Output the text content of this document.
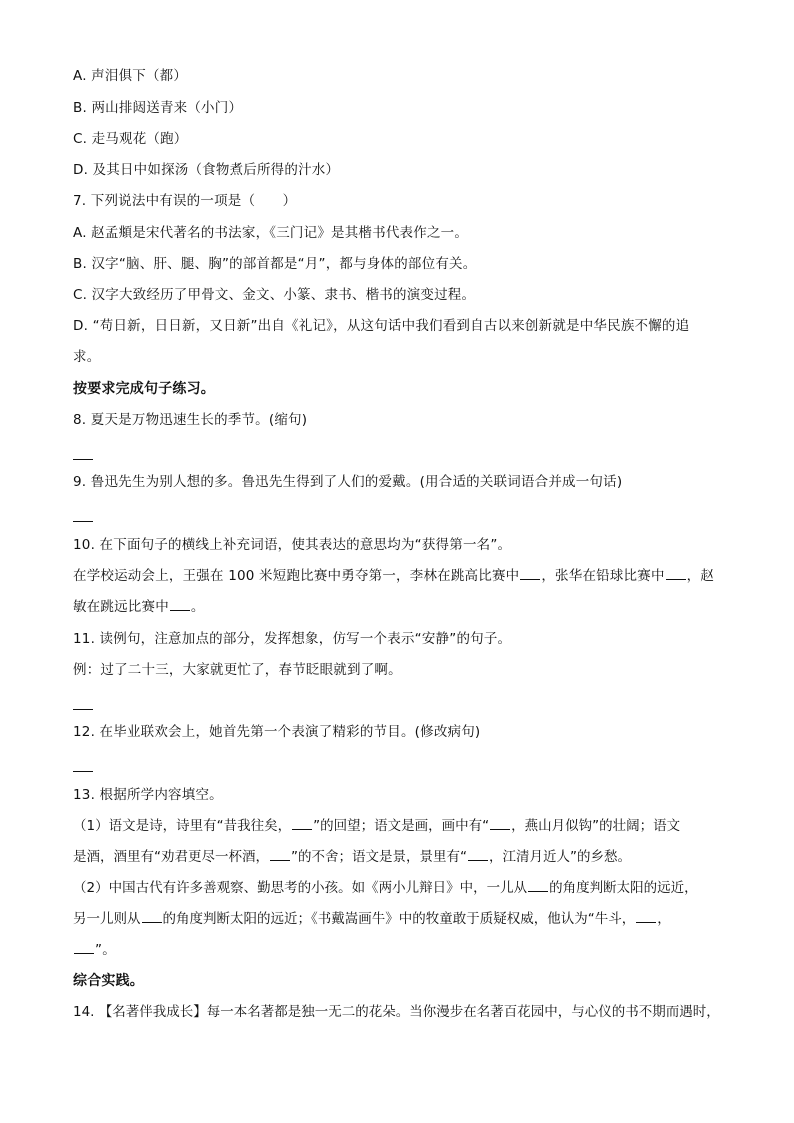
A. 声泪俱下（都）
B. 两山排闼送青来（小门）
C. 走马观花（跑）
D. 及其日中如探汤（食物煮后所得的汁水）
7. 下列说法中有误的一项是（　　）
A. 赵孟頫是宋代著名的书法家，《三门记》是其楷书代表作之一。
B. 汉字“脑、肝、腿、胸”的部首都是“月”，都与身体的部位有关。
C. 汉字大致经历了甲骨文、金文、小篆、隶书、楷书的演变过程。
D. “苟日新，日日新，又日新”出自《礼记》，从这句话中我们看到自古以来创新就是中华民族不懈的追
求。
按要求完成句子练习。
8. 夏天是万物迅速生长的季节。(缩句)
9. 鲁迅先生为别人想的多。鲁迅先生得到了人们的爱戴。(用合适的关联词语合并成一句话)
10. 在下面句子的横线上补充词语，使其表达的意思均为“获得第一名”。
在学校运动会上，王强在 100 米短跑比赛中勇夺第一，李林在跳高比赛中 ，张华在铅球比赛中 ，赵
敏在跳远比赛中 。
11. 读例句，注意加点的部分，发挥想象，仿写一个表示“安静”的句子。
例：过了二十三，大家就更忙了，春节眨眼就到了啊。
12. 在毕业联欢会上，她首先第一个表演了精彩的节目。(修改病句)
13. 根据所学内容填空。
（1）语文是诗，诗里有“昔我往矣， ”的回望；语文是画，画中有“ ，燕山月似钩”的壮阔；语文
是酒，酒里有“劝君更尽一杯酒， ”的不舍；语文是景，景里有“ ，江清月近人”的乡愁。
（2）中国古代有许多善观察、勤思考的小孩。如《两小儿辩日》中，一儿从 的角度判断太阳的远近，
另一儿则从 的角度判断太阳的远近；《书戴嵩画牛》中的牧童敢于质疑权威，他认为“牛斗， ，
”。
综合实践。
14. 【名著伴我成长】每一本名著都是独一无二的花朵。当你漫步在名著百花园中，与心仪的书不期而遇时，
